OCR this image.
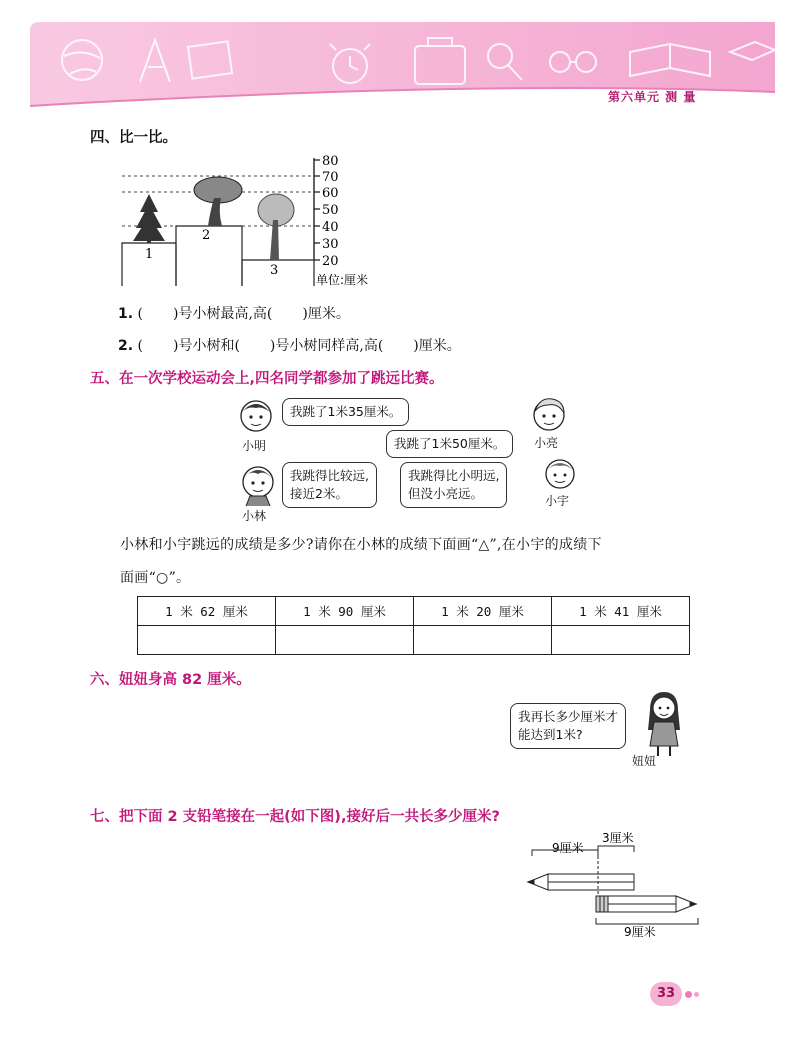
第六单元 测 量
四、比一比。
80
70
60
50
40
30
20
1
2
3
单位:厘米
1. ( )号小树最高,高( )厘米。
2. ( )号小树和( )号小树同样高,高( )厘米。
五、在一次学校运动会上,四名同学都参加了跳远比赛。
小明
我跳了1米35厘米。
我跳了1米50厘米。	小亮
小林
我跳得比较远,
接近2米。
我跳得比小明远,
但没小亮远。	小宇
小林和小宇跳远的成绩是多少?请你在小林的成绩下面画“△”,在小宇的成绩下
面画“○”。
1 米 62 厘米	1 米 90 厘米	1 米 20 厘米	1 米 41 厘米

六、妞妞身高 82 厘米。
我再长多少厘米才
能达到1米?
妞妞
七、把下面 2 支铅笔接在一起(如下图),接好后一共长多少厘米?
9厘米
3厘米
9厘米
33
